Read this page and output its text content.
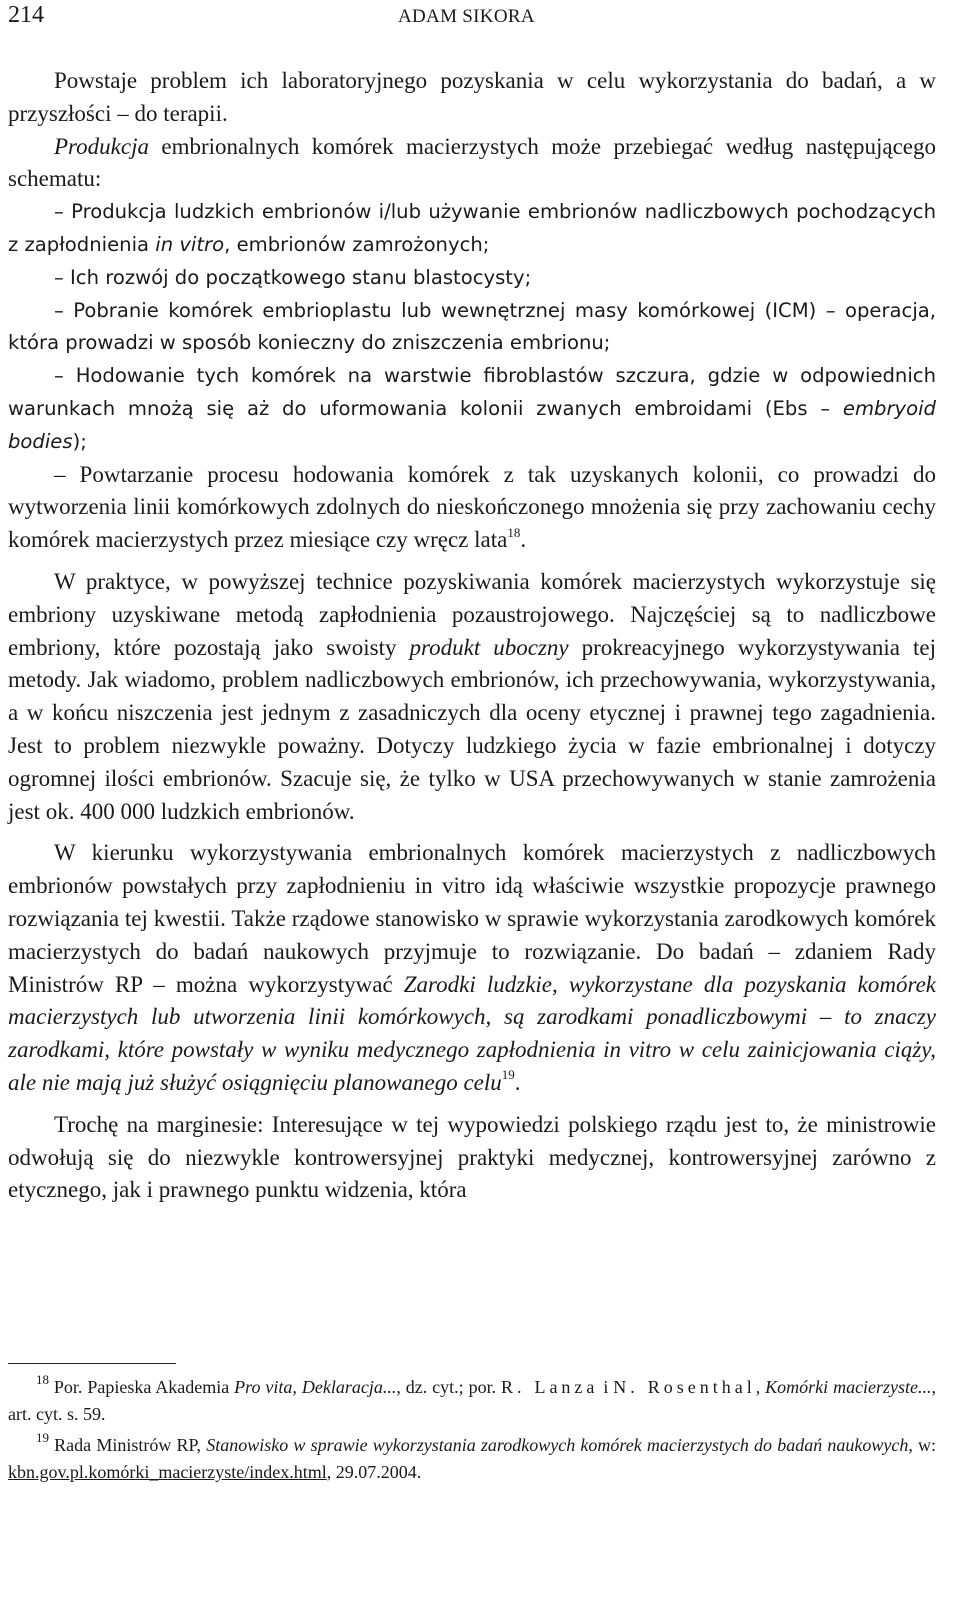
214	ADAM SIKORA

Powstaje problem ich laboratoryjnego pozyskania w celu wykorzystania do badań, a w przyszłości – do terapii.

Produkcja embrionalnych komórek macierzystych może przebiegać według następującego schematu:

– Produkcja ludzkich embrionów i/lub używanie embrionów nadliczbowych pochodzących z zapłodnienia in vitro, embrionów zamrożonych;

– Ich rozwój do początkowego stanu blastocysty;

– Pobranie komórek embrioplastu lub wewnętrznej masy komórkowej (ICM) – operacja, która prowadzi w sposób konieczny do zniszczenia embrionu;

– Hodowanie tych komórek na warstwie fibroblastów szczura, gdzie w odpowiednich warunkach mnożą się aż do uformowania kolonii zwanych embroidami (Ebs – embryoid bodies);

– Powtarzanie procesu hodowania komórek z tak uzyskanych kolonii, co prowadzi do wytworzenia linii komórkowych zdolnych do nieskończonego mnożenia się przy zachowaniu cechy komórek macierzystych przez miesiące czy wręcz lata$^{18}$.

W praktyce, w powyższej technice pozyskiwania komórek macierzystych wykorzystuje się embriony uzyskiwane metodą zapłodnienia pozaustrojowego. Najczęściej są to nadliczbowe embriony, które pozostają jako swoisty produkt uboczny prokreacyjnego wykorzystywania tej metody. Jak wiadomo, problem nadliczbowych embrionów, ich przechowywania, wykorzystywania, a w końcu niszczenia jest jednym z zasadniczych dla oceny etycznej i prawnej tego zagadnienia. Jest to problem niezwykle poważny. Dotyczy ludzkiego życia w fazie embrionalnej i dotyczy ogromnej ilości embrionów. Szacuje się, że tylko w USA przechowywanych w stanie zamrożenia jest ok. 400 000 ludzkich embrionów.

W kierunku wykorzystywania embrionalnych komórek macierzystych z nadliczbowych embrionów powstałych przy zapłodnieniu in vitro idą właściwie wszystkie propozycje prawnego rozwiązania tej kwestii. Także rządowe stanowisko w sprawie wykorzystania zarodkowych komórek macierzystych do badań naukowych przyjmuje to rozwiązanie. Do badań – zdaniem Rady Ministrów RP – można wykorzystywać Zarodki ludzkie, wykorzystane dla pozyskania komórek macierzystych lub utworzenia linii komórkowych, są zarodkami ponadliczbowymi – to znaczy zarodkami, które powstały w wyniku medycznego zapłodnienia in vitro w celu zainicjowania ciąży, ale nie mają już służyć osiągnięciu planowanego celu$^{19}$.

Trochę na marginesie: Interesujące w tej wypowiedzi polskiego rządu jest to, że ministrowie odwołują się do niezwykle kontrowersyjnej praktyki medycznej, kontrowersyjnej zarówno z etycznego, jak i prawnego punktu widzenia, która

$^{18}$ Por. Papieska Akademia Pro vita, Deklaracja..., dz. cyt.; por. R. Lanza i N. Rosenthal, Komórki macierzyste..., art. cyt. s. 59.

$^{19}$ Rada Ministrów RP, Stanowisko w sprawie wykorzystania zarodkowych komórek macierzystych do badań naukowych, w: kbn.gov.pl.komórki_macierzyste/index.html, 29.07.2004.
